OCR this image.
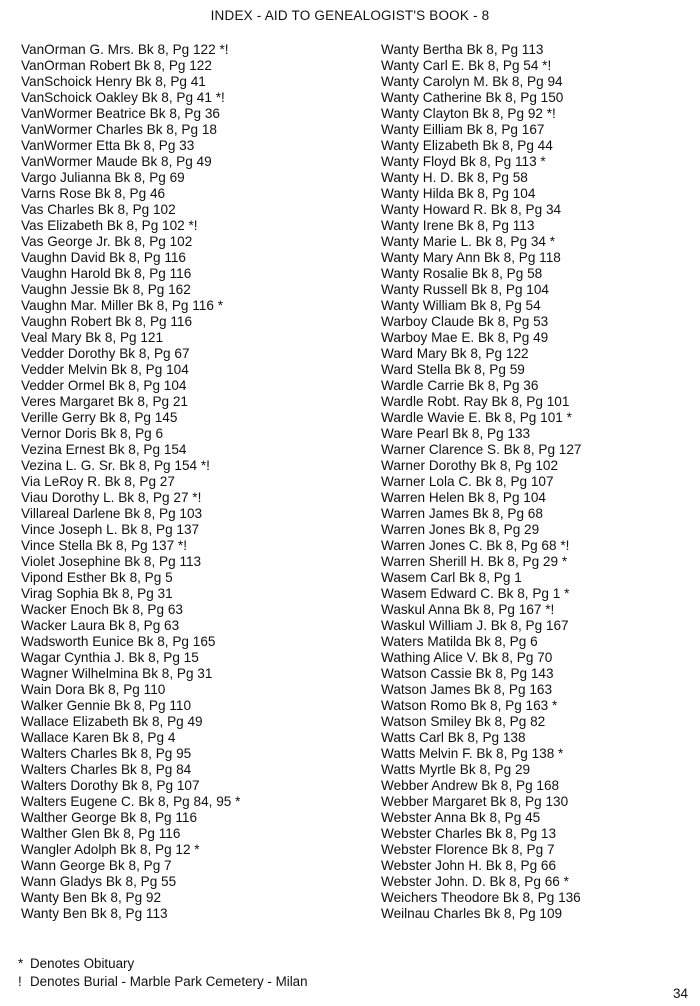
INDEX - AID TO GENEALOGIST'S BOOK - 8
VanOrman G. Mrs. Bk 8, Pg 122 *!
VanOrman Robert Bk 8, Pg 122
VanSchoick Henry Bk 8, Pg 41
VanSchoick Oakley Bk 8, Pg 41 *!
VanWormer Beatrice Bk 8, Pg 36
VanWormer Charles Bk 8, Pg 18
VanWormer Etta Bk 8, Pg 33
VanWormer Maude Bk 8, Pg 49
Vargo Julianna Bk 8, Pg 69
Varns Rose Bk 8, Pg 46
Vas Charles Bk 8, Pg 102
Vas Elizabeth Bk 8, Pg 102 *!
Vas George Jr. Bk 8, Pg 102
Vaughn David Bk 8, Pg 116
Vaughn Harold Bk 8, Pg 116
Vaughn Jessie Bk 8, Pg 162
Vaughn Mar. Miller Bk 8, Pg 116 *
Vaughn Robert Bk 8, Pg 116
Veal Mary Bk 8, Pg 121
Vedder Dorothy Bk 8, Pg 67
Vedder Melvin Bk 8, Pg 104
Vedder Ormel Bk 8, Pg 104
Veres Margaret Bk 8, Pg 21
Verille Gerry Bk 8, Pg 145
Vernor Doris Bk 8, Pg 6
Vezina Ernest Bk 8, Pg 154
Vezina L. G. Sr. Bk 8, Pg 154 *!
Via LeRoy R. Bk 8, Pg 27
Viau Dorothy L. Bk 8, Pg 27 *!
Villareal Darlene Bk 8, Pg 103
Vince Joseph L. Bk 8, Pg 137
Vince Stella Bk 8, Pg 137 *!
Violet Josephine Bk 8, Pg 113
Vipond Esther Bk 8, Pg 5
Virag Sophia Bk 8, Pg 31
Wacker Enoch Bk 8, Pg 63
Wacker Laura Bk 8, Pg 63
Wadsworth Eunice Bk 8, Pg 165
Wagar Cynthia J. Bk 8, Pg 15
Wagner Wilhelmina Bk 8, Pg 31
Wain Dora Bk 8, Pg 110
Walker Gennie Bk 8, Pg 110
Wallace Elizabeth Bk 8, Pg 49
Wallace Karen Bk 8, Pg 4
Walters Charles Bk 8, Pg 95
Walters Charles Bk 8, Pg 84
Walters Dorothy Bk 8, Pg 107
Walters Eugene C. Bk 8, Pg 84, 95 *
Walther George Bk 8, Pg 116
Walther Glen Bk 8, Pg 116
Wangler Adolph Bk 8, Pg 12 *
Wann George Bk 8, Pg 7
Wann Gladys Bk 8, Pg 55
Wanty Ben Bk 8, Pg 92
Wanty Ben Bk 8, Pg 113
Wanty Bertha Bk 8, Pg 113
Wanty Carl E. Bk 8, Pg 54 *!
Wanty Carolyn M. Bk 8, Pg 94
Wanty Catherine Bk 8, Pg 150
Wanty Clayton Bk 8, Pg 92 *!
Wanty Eilliam Bk 8, Pg 167
Wanty Elizabeth Bk 8, Pg 44
Wanty Floyd Bk 8, Pg 113 *
Wanty H. D. Bk 8, Pg 58
Wanty Hilda Bk 8, Pg 104
Wanty Howard R. Bk 8, Pg 34
Wanty Irene Bk 8, Pg 113
Wanty Marie L. Bk 8, Pg 34 *
Wanty Mary Ann Bk 8, Pg 118
Wanty Rosalie Bk 8, Pg 58
Wanty Russell Bk 8, Pg 104
Wanty William Bk 8, Pg 54
Warboy Claude Bk 8, Pg 53
Warboy Mae E. Bk 8, Pg 49
Ward Mary Bk 8, Pg 122
Ward Stella Bk 8, Pg 59
Wardle Carrie Bk 8, Pg 36
Wardle Robt. Ray Bk 8, Pg 101
Wardle Wavie E. Bk 8, Pg 101 *
Ware Pearl Bk 8, Pg 133
Warner Clarence S. Bk 8, Pg 127
Warner Dorothy Bk 8, Pg 102
Warner Lola C. Bk 8, Pg 107
Warren Helen Bk 8, Pg 104
Warren James Bk 8, Pg 68
Warren Jones Bk 8, Pg 29
Warren Jones C. Bk 8, Pg 68 *!
Warren Sherill H. Bk 8, Pg 29 *
Wasem Carl Bk 8, Pg 1
Wasem Edward C. Bk 8, Pg 1 *
Waskul Anna Bk 8, Pg 167 *!
Waskul William J. Bk 8, Pg 167
Waters Matilda Bk 8, Pg 6
Wathing Alice V. Bk 8, Pg 70
Watson Cassie Bk 8, Pg 143
Watson James Bk 8, Pg 163
Watson Romo Bk 8, Pg 163 *
Watson Smiley Bk 8, Pg 82
Watts Carl Bk 8, Pg 138
Watts Melvin F. Bk 8, Pg 138 *
Watts Myrtle Bk 8, Pg 29
Webber Andrew Bk 8, Pg 168
Webber Margaret Bk 8, Pg 130
Webster Anna Bk 8, Pg 45
Webster Charles Bk 8, Pg 13
Webster Florence Bk 8, Pg 7
Webster John H. Bk 8, Pg 66
Webster John. D. Bk 8, Pg 66 *
Weichers Theodore Bk 8, Pg 136
Weilnau Charles Bk 8, Pg 109
* Denotes Obituary
! Denotes Burial - Marble Park Cemetery - Milan
34
